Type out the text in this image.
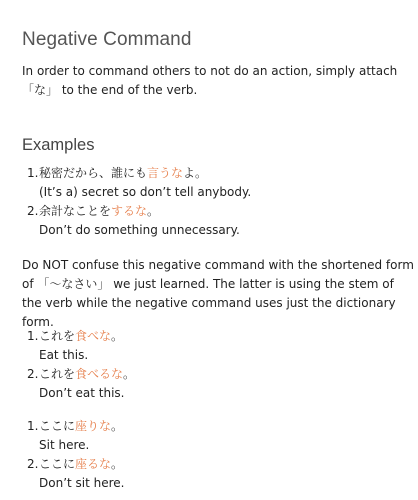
Negative Command

In order to command others to not do an action, simply attach 「な」 to the end of the verb.

Examples
1. 秘密だから、誰にも言うなよ。
(It’s a) secret so don’t tell anybody.
2. 余計なことをするな。
Don’t do something unnecessary.

Do NOT confuse this negative command with the shortened form of 「〜なさい」 we just learned. The latter is using the stem of the verb while the negative command uses just the dictionary form.

1. これを食べな。
Eat this.
2. これを食べるな。
Don’t eat this.
1. ここに座りな。
Sit here.
2. ここに座るな。
Don’t sit here.
